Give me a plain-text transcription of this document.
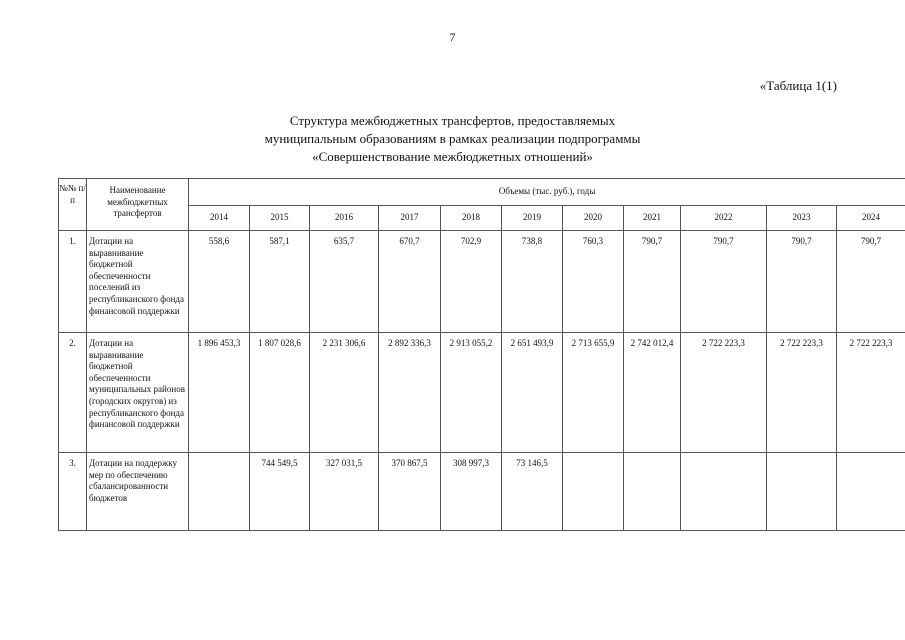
7
«Таблица 1(1)
Структура межбюджетных трансфертов, предоставляемых
муниципальным образованиям в рамках реализации подпрограммы
«Совершенствование межбюджетных отношений»
№№ п/п	Наименование межбюджетных трансфертов	Объемы (тыс. руб.), годы										
		2014	2015	2016	2017	2018	2019	2020	2021	2022	2023	2024
1.	Дотации на выравнивание бюджетной обеспеченности поселений из республиканского фонда финансовой поддержки	558,6	587,1	635,7	670,7	702,9	738,8	760,3	790,7	790,7	790,7	790,7
2.	Дотации на выравнивание бюджетной обеспеченности муниципальных районов (городских округов) из республиканского фонда финансовой поддержки	1 896 453,3	1 807 028,6	2 231 306,6	2 892 336,3	2 913 055,2	2 651 493,9	2 713 655,9	2 742 012,4	2 722 223,3	2 722 223,3	2 722 223,3
3.	Дотации на поддержку мер по обеспечению сбалансированности бюджетов		744 549,5	327 031,5	370 867,5	308 997,3	73 146,5					
